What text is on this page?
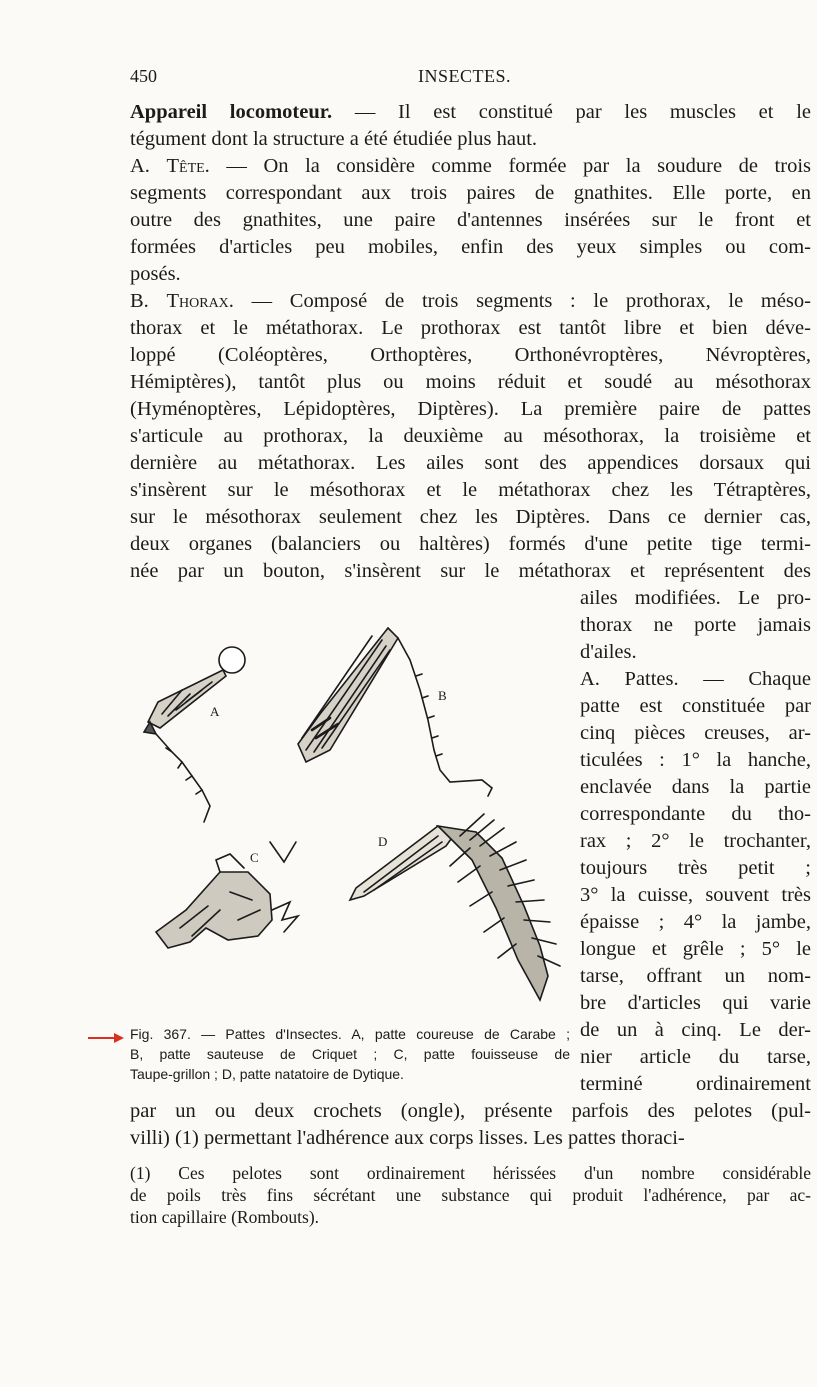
450	INSECTES.
Appareil locomoteur. — Il est constitué par les muscles et le
tégument dont la structure a été étudiée plus haut.
A. Tête. — On la considère comme formée par la soudure de trois
segments correspondant aux trois paires de gnathites. Elle porte, en
outre des gnathites, une paire d'antennes insérées sur le front et
formées d'articles peu mobiles, enfin des yeux simples ou com-
posés.
B. Thorax. — Composé de trois segments : le prothorax, le méso-
thorax et le métathorax. Le prothorax est tantôt libre et bien déve-
loppé (Coléoptères, Orthoptères, Orthonévroptères, Névroptères,
Hémiptères), tantôt plus ou moins réduit et soudé au mésothorax
(Hyménoptères, Lépidoptères, Diptères). La première paire de pattes
s'articule au prothorax, la deuxième au mésothorax, la troisième et
dernière au métathorax. Les ailes sont des appendices dorsaux qui
s'insèrent sur le mésothorax et le métathorax chez les Tétraptères,
sur le mésothorax seulement chez les Diptères. Dans ce dernier cas,
deux organes (balanciers ou haltères) formés d'une petite tige termi-
née par un bouton, s'insèrent sur le métathorax et représentent des
ailes modifiées. Le pro-
thorax ne porte jamais
d'ailes.
A. Pattes. — Chaque
patte est constituée par
cinq pièces creuses, ar-
ticulées : 1° la hanche,
enclavée dans la partie
correspondante du tho-
rax ; 2° le trochanter,
toujours très petit ;
3° la cuisse, souvent très
épaisse ; 4° la jambe,
longue et grêle ; 5° le
tarse, offrant un nom-
bre d'articles qui varie
de un à cinq. Le der-
nier article du tarse,
terminé ordinairement
par un ou deux crochets (ongle), présente parfois des pelotes (pul-
villi) (1) permettant l'adhérence aux corps lisses. Les pattes thoraci-
A
B
C
D
Fig. 367. — Pattes d'Insectes. A, patte coureuse de Carabe ;
B, patte sauteuse de Criquet ; C, patte fouisseuse de
Taupe-grillon ; D, patte natatoire de Dytique.
(1) Ces pelotes sont ordinairement hérissées d'un nombre considérable
de poils très fins sécrétant une substance qui produit l'adhérence, par ac-
tion capillaire (Rombouts).
